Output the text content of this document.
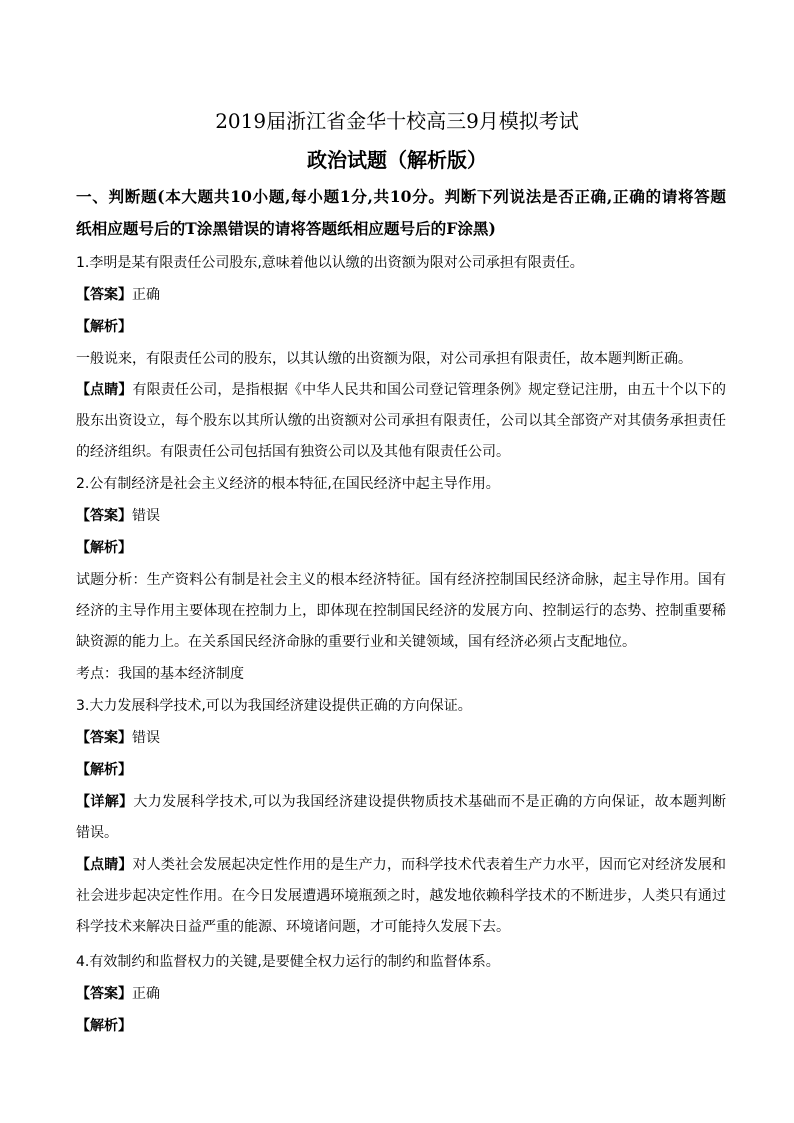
2019届浙江省金华十校高三9月模拟考试
政治试题（解析版）
一、判断题(本大题共10小题,每小题1分,共10分。判断下列说法是否正确,正确的请将答题
纸相应题号后的T涂黑错误的请将答题纸相应题号后的F涂黑)
1.李明是某有限责任公司股东,意味着他以认缴的出资额为限对公司承担有限责任。
【答案】正确
【解析】
一般说来，有限责任公司的股东，以其认缴的出资额为限，对公司承担有限责任，故本题判断正确。
【点睛】有限责任公司，是指根据《中华人民共和国公司登记管理条例》规定登记注册，由五十个以下的
股东出资设立，每个股东以其所认缴的出资额对公司承担有限责任，公司以其全部资产对其债务承担责任
的经济组织。有限责任公司包括国有独资公司以及其他有限责任公司。
2.公有制经济是社会主义经济的根本特征,在国民经济中起主导作用。
【答案】错误
【解析】
试题分析：生产资料公有制是社会主义的根本经济特征。国有经济控制国民经济命脉，起主导作用。国有
经济的主导作用主要体现在控制力上，即体现在控制国民经济的发展方向、控制运行的态势、控制重要稀
缺资源的能力上。在关系国民经济命脉的重要行业和关键领域，国有经济必须占支配地位。
考点：我国的基本经济制度
3.大力发展科学技术,可以为我国经济建设提供正确的方向保证。
【答案】错误
【解析】
【详解】大力发展科学技术,可以为我国经济建设提供物质技术基础而不是正确的方向保证，故本题判断
错误。
【点睛】对人类社会发展起决定性作用的是生产力，而科学技术代表着生产力水平，因而它对经济发展和
社会进步起决定性作用。在今日发展遭遇环境瓶颈之时，越发地依赖科学技术的不断进步，人类只有通过
科学技术来解决日益严重的能源、环境诸问题，才可能持久发展下去。
4.有效制约和监督权力的关键,是要健全权力运行的制约和监督体系。
【答案】正确
【解析】
